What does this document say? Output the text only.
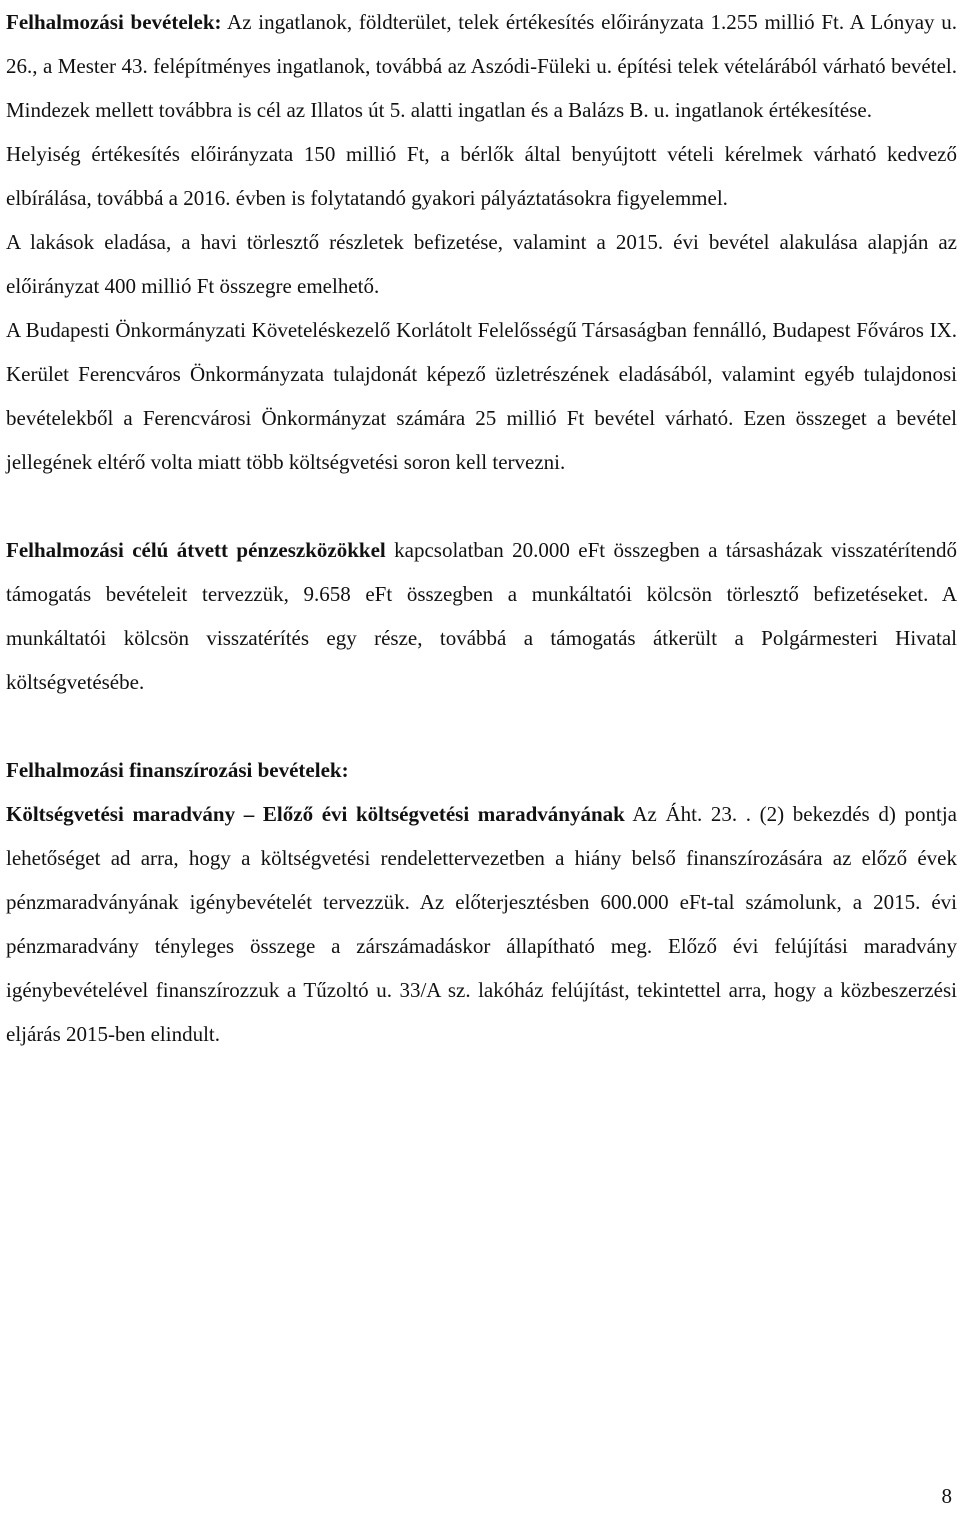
Felhalmozási bevételek: Az ingatlanok, földterület, telek értékesítés előirányzata 1.255 millió Ft. A Lónyay u. 26., a Mester 43. felépítményes ingatlanok, továbbá az Aszódi-Füleki u. építési telek vételárából várható bevétel. Mindezek mellett továbbra is cél az Illatos út 5. alatti ingatlan és a Balázs B. u. ingatlanok értékesítése.

Helyiség értékesítés előirányzata 150 millió Ft, a bérlők által benyújtott vételi kérelmek várható kedvező elbírálása, továbbá a 2016. évben is folytatandó gyakori pályáztatásokra figyelemmel.

A lakások eladása, a havi törlesztő részletek befizetése, valamint a 2015. évi bevétel alakulása alapján az előirányzat 400 millió Ft összegre emelhető.

A Budapesti Önkormányzati Követeléskezelő Korlátolt Felelősségű Társaságban fennálló, Budapest Főváros IX. Kerület Ferencváros Önkormányzata tulajdonát képező üzletrészének eladásából, valamint egyéb tulajdonosi bevételekből a Ferencvárosi Önkormányzat számára 25 millió Ft bevétel várható. Ezen összeget a bevétel jellegének eltérő volta miatt több költségvetési soron kell tervezni.

Felhalmozási célú átvett pénzeszközökkel kapcsolatban 20.000 eFt összegben a társasházak visszatérítendő támogatás bevételeit tervezzük, 9.658 eFt összegben a munkáltatói kölcsön törlesztő befizetéseket. A munkáltatói kölcsön visszatérítés egy része, továbbá a támogatás átkerült a Polgármesteri Hivatal költségvetésébe.

Felhalmozási finanszírozási bevételek:

Költségvetési maradvány – Előző évi költségvetési maradványának Az Áht. 23. . (2) bekezdés d) pontja lehetőséget ad arra, hogy a költségvetési rendelettervezetben a hiány belső finanszírozására az előző évek pénzmaradványának igénybevételét tervezzük. Az előterjesztésben 600.000 eFt-tal számolunk, a 2015. évi pénzmaradvány tényleges összege a zárszámadáskor állapítható meg. Előző évi felújítási maradvány igénybevételével finanszírozzuk a Tűzoltó u. 33/A sz. lakóház felújítást, tekintettel arra, hogy a közbeszerzési eljárás 2015-ben elindult.

8
